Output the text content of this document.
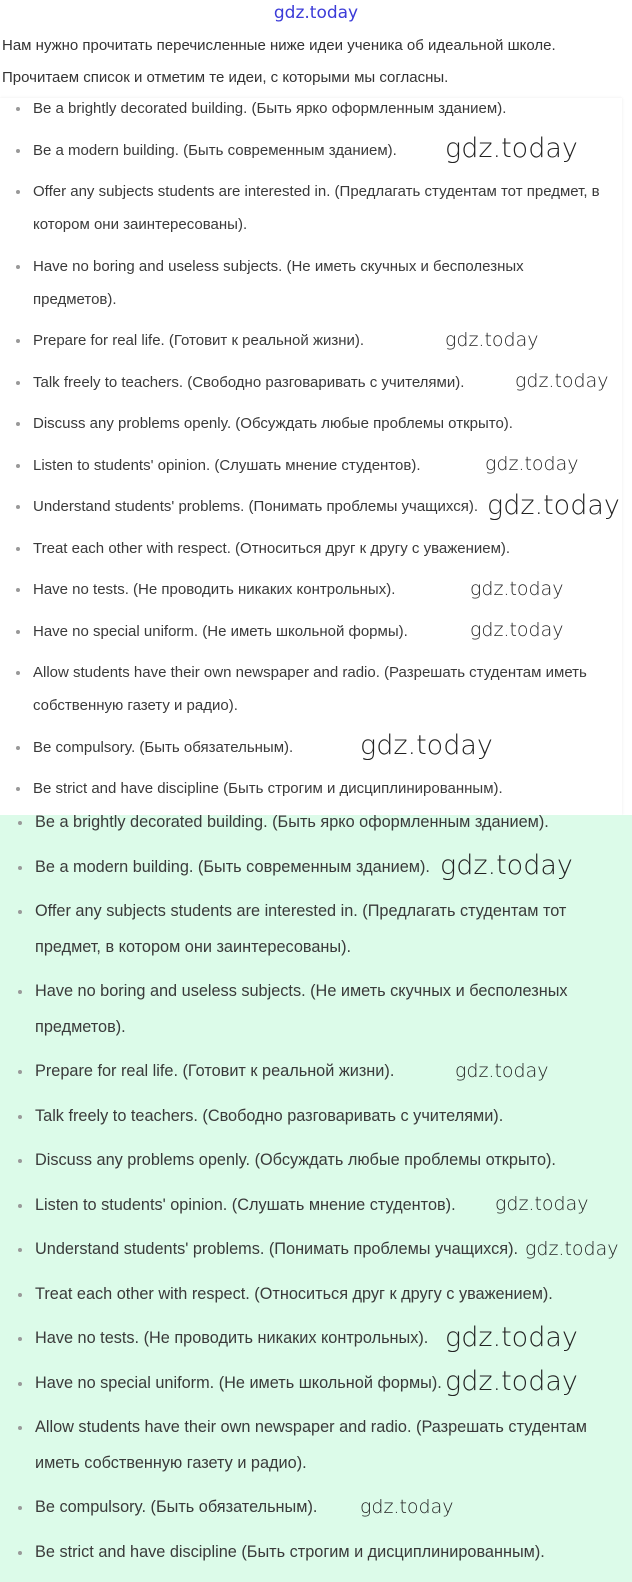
gdz.today
Нам нужно прочитать перечисленные ниже идеи ученика об идеальной школе. Прочитаем список и отметим те идеи, с которыми мы согласны.
Be a brightly decorated building. (Быть ярко оформленным зданием).
Be a modern building. (Быть современным зданием).
Offer any subjects students are interested in. (Предлагать студентам тот предмет, в котором они заинтересованы).
Have no boring and useless subjects. (Не иметь скучных и бесполезных предметов).
Prepare for real life. (Готовит к реальной жизни).
Talk freely to teachers. (Свободно разговаривать с учителями).
Discuss any problems openly. (Обсуждать любые проблемы открыто).
Listen to students' opinion. (Слушать мнение студентов).
Understand students' problems. (Понимать проблемы учащихся).
Treat each other with respect. (Относиться друг к другу с уважением).
Have no tests. (Не проводить никаких контрольных).
Have no special uniform. (Не иметь школьной формы).
Allow students have their own newspaper and radio. (Разрешать студентам иметь собственную газету и радио).
Be compulsory. (Быть обязательным).
Be strict and have discipline (Быть строгим и дисциплинированным).
Be a brightly decorated building. (Быть ярко оформленным зданием).
Be a modern building. (Быть современным зданием).
Offer any subjects students are interested in. (Предлагать студентам тот предмет, в котором они заинтересованы).
Have no boring and useless subjects. (Не иметь скучных и бесполезных предметов).
Prepare for real life. (Готовит к реальной жизни).
Talk freely to teachers. (Свободно разговаривать с учителями).
Discuss any problems openly. (Обсуждать любые проблемы открыто).
Listen to students' opinion. (Слушать мнение студентов).
Understand students' problems. (Понимать проблемы учащихся).
Treat each other with respect. (Относиться друг к другу с уважением).
Have no tests. (Не проводить никаких контрольных).
Have no special uniform. (Не иметь школьной формы).
Allow students have their own newspaper and radio. (Разрешать студентам иметь собственную газету и радио).
Be compulsory. (Быть обязательным).
Be strict and have discipline (Быть строгим и дисциплинированным).
gdz.today
gdz.today
gdz.today
gdz.today
gdz.today
gdz.today
gdz.today
gdz.today
gdz.today
gdz.today
gdz.today
gdz.today
gdz.today
gdz.today
gdz.today
